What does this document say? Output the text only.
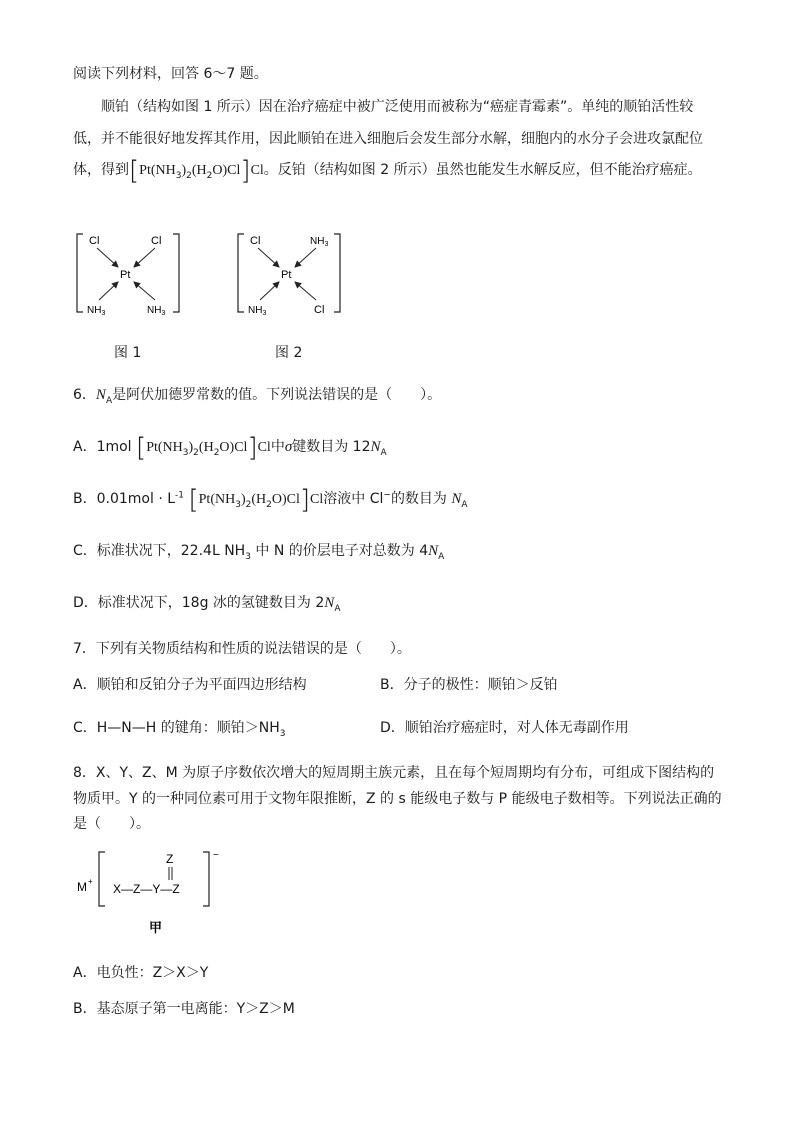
阅读下列材料，回答 6～7 题。
顺铂（结构如图 1 所示）因在治疗癌症中被广泛使用而被称为“癌症青霉素”。单纯的顺铂活性较低，并不能很好地发挥其作用，因此顺铂在进入细胞后会发生部分水解，细胞内的水分子会进攻氯配位体，得到$[Pt(NH_3)_2(H_2O)Cl]Cl$。反铂（结构如图 2 所示）虽然也能发生水解反应，但不能治疗癌症。
Cl	Cl
Pt
$NH_3$	$NH_3$
Cl	$NH_3$
Pt
$NH_3$	Cl
图 1	图 2
6．$N_A$是阿伏加德罗常数的值。下列说法错误的是（　　）。
A．1mol $[Pt(NH_3)_2(H_2O)Cl]Cl$中σ键数目为 $12N_A$
B．$0.01mol \cdot L^{-1}$ $[Pt(NH_3)_2(H_2O)Cl]Cl$溶液中 Cl−的数目为 $N_A$
C．标准状况下，22.4L $NH_3$ 中 N 的价层电子对总数为 $4N_A$
D．标准状况下，18g 冰的氢键数目为 $2N_A$
7．下列有关物质结构和性质的说法错误的是（　　）。
A．顺铂和反铂分子为平面四边形结构	B．分子的极性：顺铂＞反铂
C．H—N—H 的键角：顺铂$>NH_3$	D．顺铂治疗癌症时，对人体无毒副作用
8．X、Y、Z、M 为原子序数依次增大的短周期主族元素，且在每个短周期均有分布，可组成下图结构的
物质甲。Y 的一种同位素可用于文物年限推断，Z 的 s 能级电子数与 P 能级电子数相等。下列说法正确的
是（　　）。
M +
−
Z
X—Z—Y—Z
甲
A．电负性：Z＞X＞Y
B．基态原子第一电离能：Y＞Z＞M
